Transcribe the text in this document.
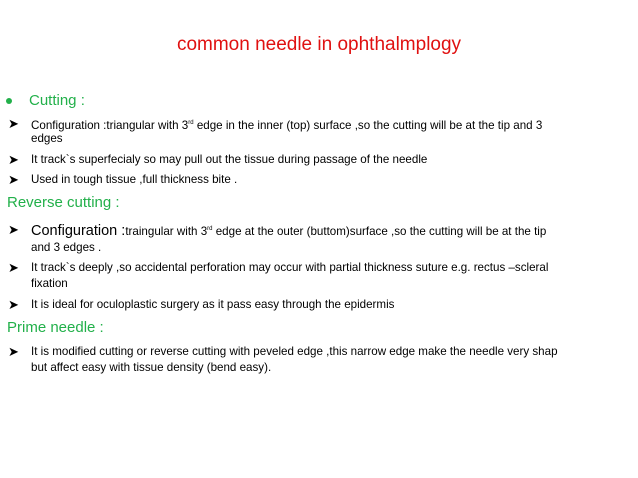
common needle in ophthalmplogy
Cutting :
➤ Configuration :triangular with 3rd edge in the inner (top) surface ,so the cutting will be at the tip and 3
edges
➤ It track`s superfecialy so may pull out the tissue during passage of the needle
➤ Used in tough tissue ,full thickness bite .
Reverse cutting :
➤ Configuration :traingular with 3rd edge at the outer (buttom)surface ,so the cutting will be at the tip
and 3 edges .
➤ It track`s deeply ,so accidental perforation may occur with partial thickness suture e.g. rectus –scleral
fixation
➤ It is ideal for oculoplastic surgery as it pass easy through the epidermis
Prime needle :
➤ It is modified cutting or reverse cutting with peveled edge ,this narrow edge make the needle very shap
but affect easy with tissue density (bend easy).
